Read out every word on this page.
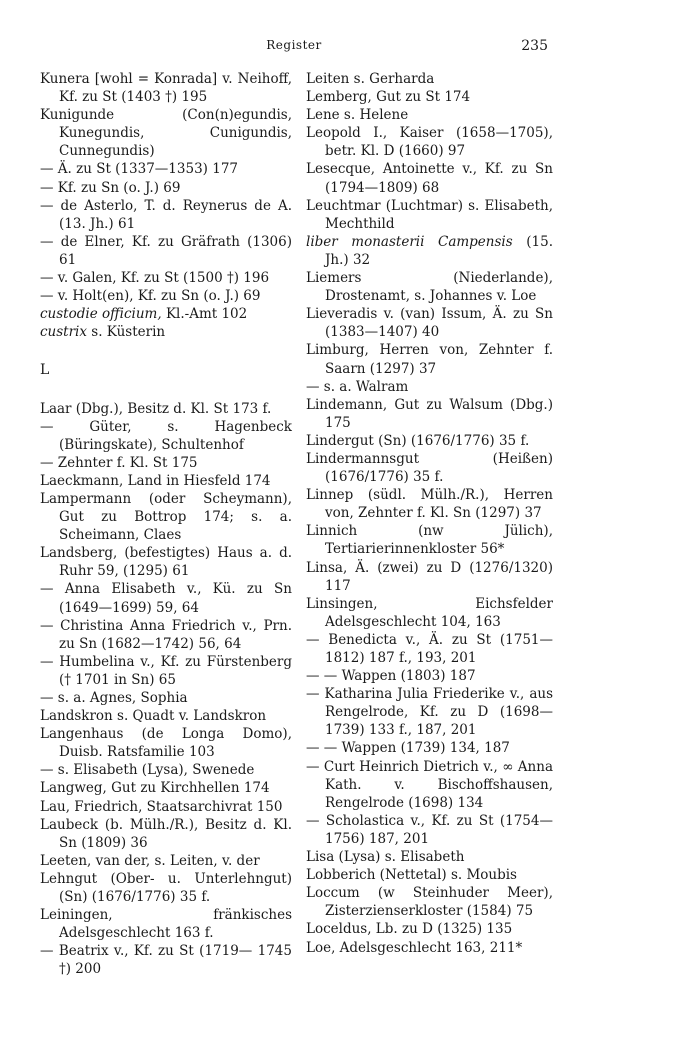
Register	235
Kunera [wohl = Konrada] v. Neihoff, Kf. zu St (1403 †) 195
Kunigunde (Con(n)egundis, Kunegundis, Cunigundis, Cunnegundis)
— Ä. zu St (1337—1353) 177
— Kf. zu Sn (o. J.) 69
— de Asterlo, T. d. Reynerus de A. (13. Jh.) 61
— de Elner, Kf. zu Gräfrath (1306) 61
— v. Galen, Kf. zu St (1500 †) 196
— v. Holt(en), Kf. zu Sn (o. J.) 69
custodie officium, Kl.-Amt 102
custrix s. Küsterin
L
Laar (Dbg.), Besitz d. Kl. St 173 f.
— Güter, s. Hagenbeck (Büringskate), Schultenhof
— Zehnter f. Kl. St 175
Laeckmann, Land in Hiesfeld 174
Lampermann (oder Scheymann), Gut zu Bottrop 174; s. a. Scheimann, Claes
Landsberg, (befestigtes) Haus a. d. Ruhr 59, (1295) 61
— Anna Elisabeth v., Kü. zu Sn (1649—1699) 59, 64
— Christina Anna Friedrich v., Prn. zu Sn (1682—1742) 56, 64
— Humbelina v., Kf. zu Fürstenberg († 1701 in Sn) 65
— s. a. Agnes, Sophia
Landskron s. Quadt v. Landskron
Langenhaus (de Longa Domo), Duisb. Ratsfamilie 103
— s. Elisabeth (Lysa), Swenede
Langweg, Gut zu Kirchhellen 174
Lau, Friedrich, Staatsarchivrat 150
Laubeck (b. Mülh./R.), Besitz d. Kl. Sn (1809) 36
Leeten, van der, s. Leiten, v. der
Lehngut (Ober- u. Unterlehngut) (Sn) (1676/1776) 35 f.
Leiningen, fränkisches Adelsgeschlecht 163 f.
— Beatrix v., Kf. zu St (1719— 1745 †) 200
Leiten s. Gerharda
Lemberg, Gut zu St 174
Lene s. Helene
Leopold I., Kaiser (1658—1705), betr. Kl. D (1660) 97
Lesecque, Antoinette v., Kf. zu Sn (1794—1809) 68
Leuchtmar (Luchtmar) s. Elisabeth, Mechthild
liber monasterii Campensis (15. Jh.) 32
Liemers (Niederlande), Drostenamt, s. Johannes v. Loe
Lieveradis v. (van) Issum, Ä. zu Sn (1383—1407) 40
Limburg, Herren von, Zehnter f. Saarn (1297) 37
— s. a. Walram
Lindemann, Gut zu Walsum (Dbg.) 175
Lindergut (Sn) (1676/1776) 35 f.
Lindermannsgut (Heißen) (1676/1776) 35 f.
Linnep (südl. Mülh./R.), Herren von, Zehnter f. Kl. Sn (1297) 37
Linnich (nw Jülich), Tertiarierinnenkloster 56*
Linsa, Ä. (zwei) zu D (1276/1320) 117
Linsingen, Eichsfelder Adelsgeschlecht 104, 163
— Benedicta v., Ä. zu St (1751— 1812) 187 f., 193, 201
— — Wappen (1803) 187
— Katharina Julia Friederike v., aus Rengelrode, Kf. zu D (1698— 1739) 133 f., 187, 201
— — Wappen (1739) 134, 187
— Curt Heinrich Dietrich v., ∞ Anna Kath. v. Bischoffshausen, Rengelrode (1698) 134
— Scholastica v., Kf. zu St (1754— 1756) 187, 201
Lisa (Lysa) s. Elisabeth
Lobberich (Nettetal) s. Moubis
Loccum (w Steinhuder Meer), Zisterzienserkloster (1584) 75
Loceldus, Lb. zu D (1325) 135
Loe, Adelsgeschlecht 163, 211*
